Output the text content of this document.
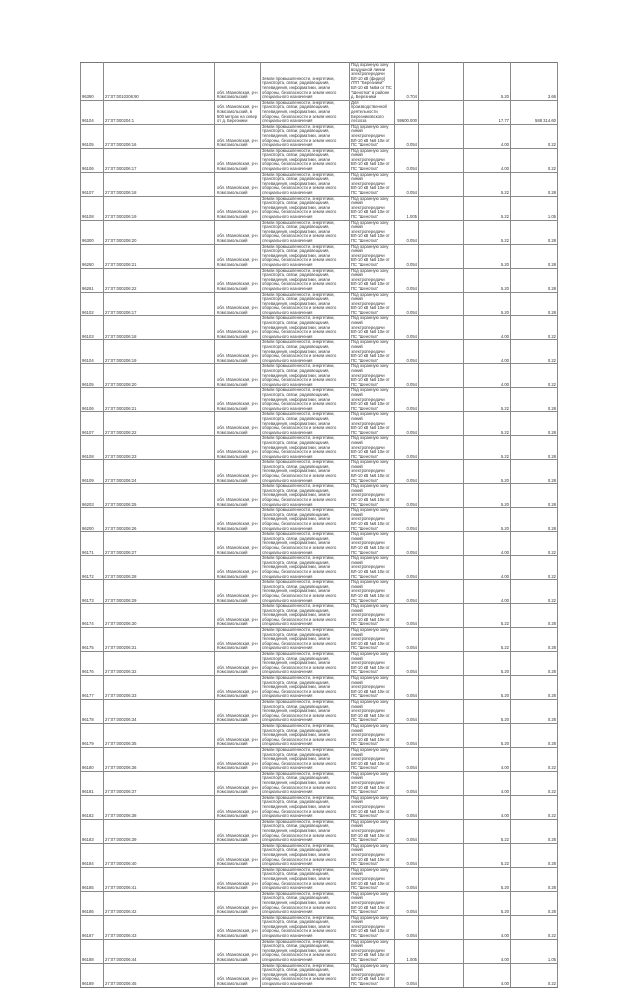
96390	27:07:0010206:90	обл. Ивановская, р-н Комсомольский	Земли промышленности, энергетики, транспорта, связи, радиовещания, телевидения, информатики, земли обороны, безопасности и земли иного специального назначения	Под охранную зону воздушной линии электропередачи ВЛ-10 кВ (фидер) ЛТП "Березники" ВЛ-10 кВ №6м от ПС "Шенотка" в районе д. Березники	0.704		5.20	3.66
96104	27:07:000204:1	обл. Ивановская, р-н Комсомольский, в 500 метрах на север от д. Березники	Земли промышленности, энергетики, транспорта, связи, радиовещания, телевидения, информатики, земли обороны, безопасности и земли иного специального назначения	Для производственной деятельности Березниковского лесхоза	59600.000		17.77	588 314.60
96105	27:07:000206:16	обл. Ивановская, р-н Комсомольский	Земли промышленности, энергетики, транспорта, связи, радиовещания, телевидения, информатики, земли обороны, безопасности и земли иного специального назначения	Под охранную зону линий электропередачи ВЛ-10 кВ №6 10и от ПС "Шенотка"	0.054		4.00	0.22
96106	27:07:000206:17	обл. Ивановская, р-н Комсомольский	Земли промышленности, энергетики, транспорта, связи, радиовещания, телевидения, информатики, земли обороны, безопасности и земли иного специального назначения	Под охранную зону линий электропередачи ВЛ-10 кВ №6 10и от ПС "Шенотка"	0.054		4.00	0.22
96107	27:07:000206:18	обл. Ивановская, р-н Комсомольский	Земли промышленности, энергетики, транспорта, связи, радиовещания, телевидения, информатики, земли обороны, безопасности и земли иного специального назначения	Под охранную зону линий электропередачи ВЛ-10 кВ №6 10и от ПС "Шенотка"	0.054		5.22	0.28
96108	27:07:000206:19	обл. Ивановская, р-н Комсомольский	Земли промышленности, энергетики, транспорта, связи, радиовещания, телевидения, информатики, земли обороны, безопасности и земли иного специального назначения	Под охранную зону линий электропередачи ВЛ-10 кВ №6 10и от ПС "Шенотка"	1.005		5.22	1.05
96300	27:07:000206:20	обл. Ивановская, р-н Комсомольский	Земли промышленности, энергетики, транспорта, связи, радиовещания, телевидения, информатики, земли обороны, безопасности и земли иного специального назначения	Под охранную зону линий электропередачи ВЛ-10 кВ №6 10и от ПС "Шенотка"	0.054		5.22	0.28
96260	27:07:000206:21	обл. Ивановская, р-н Комсомольский	Земли промышленности, энергетики, транспорта, связи, радиовещания, телевидения, информатики, земли обороны, безопасности и земли иного специального назначения	Под охранную зону линий электропередачи ВЛ-10 кВ №6 10и от ПС "Шенотка"	0.054		5.20	0.28
96261	27:07:000206:22	обл. Ивановская, р-н Комсомольский	Земли промышленности, энергетики, транспорта, связи, радиовещания, телевидения, информатики, земли обороны, безопасности и земли иного специального назначения	Под охранную зону линий электропередачи ВЛ-10 кВ №6 10и от ПС "Шенотка"	0.054		5.20	0.28
96102	27:07:000206:17	обл. Ивановская, р-н Комсомольский	Земли промышленности, энергетики, транспорта, связи, радиовещания, телевидения, информатики, земли обороны, безопасности и земли иного специального назначения	Под охранную зону линий электропередачи ВЛ-10 кВ №6 10и от ПС "Шенотка"	0.054		5.20	0.28
96103	27:07:000206:18	обл. Ивановская, р-н Комсомольский	Земли промышленности, энергетики, транспорта, связи, радиовещания, телевидения, информатики, земли обороны, безопасности и земли иного специального назначения	Под охранную зону линий электропередачи ВЛ-10 кВ №6 10и от ПС "Шенотка"	0.054		4.00	0.22
96104	27:07:000206:19	обл. Ивановская, р-н Комсомольский	Земли промышленности, энергетики, транспорта, связи, радиовещания, телевидения, информатики, земли обороны, безопасности и земли иного специального назначения	Под охранную зону линий электропередачи ВЛ-10 кВ №6 10и от ПС "Шенотка"	0.054		4.00	0.22
96105	27:07:000206:20	обл. Ивановская, р-н Комсомольский	Земли промышленности, энергетики, транспорта, связи, радиовещания, телевидения, информатики, земли обороны, безопасности и земли иного специального назначения	Под охранную зону линий электропередачи ВЛ-10 кВ №6 10и от ПС "Шенотка"	0.054		4.00	0.22
96106	27:07:000206:21	обл. Ивановская, р-н Комсомольский	Земли промышленности, энергетики, транспорта, связи, радиовещания, телевидения, информатики, земли обороны, безопасности и земли иного специального назначения	Под охранную зону линий электропередачи ВЛ-10 кВ №6 10и от ПС "Шенотка"	0.054		5.22	0.28
96107	27:07:000206:22	обл. Ивановская, р-н Комсомольский	Земли промышленности, энергетики, транспорта, связи, радиовещания, телевидения, информатики, земли обороны, безопасности и земли иного специального назначения	Под охранную зону линий электропередачи ВЛ-10 кВ №6 10и от ПС "Шенотка"	0.054		5.22	0.28
96108	27:07:000206:23	обл. Ивановская, р-н Комсомольский	Земли промышленности, энергетики, транспорта, связи, радиовещания, телевидения, информатики, земли обороны, безопасности и земли иного специального назначения	Под охранную зону линий электропередачи ВЛ-10 кВ №6 10и от ПС "Шенотка"	0.054		5.22	0.28
96109	27:07:000206:24	обл. Ивановская, р-н Комсомольский	Земли промышленности, энергетики, транспорта, связи, радиовещания, телевидения, информатики, земли обороны, безопасности и земли иного специального назначения	Под охранную зону линий электропередачи ВЛ-10 кВ №6 10и от ПС "Шенотка"	0.054		5.20	0.28
96203	27:07:000206:25	обл. Ивановская, р-н Комсомольский	Земли промышленности, энергетики, транспорта, связи, радиовещания, телевидения, информатики, земли обороны, безопасности и земли иного специального назначения	Под охранную зону линий электропередачи ВЛ-10 кВ №6 10и от ПС "Шенотка"	0.054		5.20	0.28
96200	27:07:000206:26	обл. Ивановская, р-н Комсомольский	Земли промышленности, энергетики, транспорта, связи, радиовещания, телевидения, информатики, земли обороны, безопасности и земли иного специального назначения	Под охранную зону линий электропередачи ВЛ-10 кВ №6 10и от ПС "Шенотка"	0.054		5.20	0.28
96171	27:07:000206:27	обл. Ивановская, р-н Комсомольский	Земли промышленности, энергетики, транспорта, связи, радиовещания, телевидения, информатики, земли обороны, безопасности и земли иного специального назначения	Под охранную зону линий электропередачи ВЛ-10 кВ №6 10и от ПС "Шенотка"	0.054		4.00	0.22
96172	27:07:000206:28	обл. Ивановская, р-н Комсомольский	Земли промышленности, энергетики, транспорта, связи, радиовещания, телевидения, информатики, земли обороны, безопасности и земли иного специального назначения	Под охранную зону линий электропередачи ВЛ-10 кВ №6 10и от ПС "Шенотка"	0.054		4.00	0.22
96173	27:07:000206:29	обл. Ивановская, р-н Комсомольский	Земли промышленности, энергетики, транспорта, связи, радиовещания, телевидения, информатики, земли обороны, безопасности и земли иного специального назначения	Под охранную зону линий электропередачи ВЛ-10 кВ №6 10и от ПС "Шенотка"	0.054		4.00	0.22
96174	27:07:000206:30	обл. Ивановская, р-н Комсомольский	Земли промышленности, энергетики, транспорта, связи, радиовещания, телевидения, информатики, земли обороны, безопасности и земли иного специального назначения	Под охранную зону линий электропередачи ВЛ-10 кВ №6 10и от ПС "Шенотка"	0.054		5.22	0.28
96175	27:07:000206:31	обл. Ивановская, р-н Комсомольский	Земли промышленности, энергетики, транспорта, связи, радиовещания, телевидения, информатики, земли обороны, безопасности и земли иного специального назначения	Под охранную зону линий электропередачи ВЛ-10 кВ №6 10и от ПС "Шенотка"	0.054		5.22	0.28
96176	27:07:000206:32	обл. Ивановская, р-н Комсомольский	Земли промышленности, энергетики, транспорта, связи, радиовещания, телевидения, информатики, земли обороны, безопасности и земли иного специального назначения	Под охранную зону линий электропередачи ВЛ-10 кВ №6 10и от ПС "Шенотка"	0.054		5.20	0.28
96177	27:07:000206:33	обл. Ивановская, р-н Комсомольский	Земли промышленности, энергетики, транспорта, связи, радиовещания, телевидения, информатики, земли обороны, безопасности и земли иного специального назначения	Под охранную зону линий электропередачи ВЛ-10 кВ №6 10и от ПС "Шенотка"	0.054		5.20	0.28
96178	27:07:000206:34	обл. Ивановская, р-н Комсомольский	Земли промышленности, энергетики, транспорта, связи, радиовещания, телевидения, информатики, земли обороны, безопасности и земли иного специального назначения	Под охранную зону линий электропередачи ВЛ-10 кВ №6 10и от ПС "Шенотка"	0.054		5.20	0.28
96179	27:07:000206:35	обл. Ивановская, р-н Комсомольский	Земли промышленности, энергетики, транспорта, связи, радиовещания, телевидения, информатики, земли обороны, безопасности и земли иного специального назначения	Под охранную зону линий электропередачи ВЛ-10 кВ №6 10и от ПС "Шенотка"	0.054		5.20	0.28
96180	27:07:000206:36	обл. Ивановская, р-н Комсомольский	Земли промышленности, энергетики, транспорта, связи, радиовещания, телевидения, информатики, земли обороны, безопасности и земли иного специального назначения	Под охранную зону линий электропередачи ВЛ-10 кВ №6 10и от ПС "Шенотка"	0.054		4.00	0.22
96181	27:07:000206:37	обл. Ивановская, р-н Комсомольский	Земли промышленности, энергетики, транспорта, связи, радиовещания, телевидения, информатики, земли обороны, безопасности и земли иного специального назначения	Под охранную зону линий электропередачи ВЛ-10 кВ №6 10и от ПС "Шенотка"	0.054		4.00	0.22
96182	27:07:000206:38	обл. Ивановская, р-н Комсомольский	Земли промышленности, энергетики, транспорта, связи, радиовещания, телевидения, информатики, земли обороны, безопасности и земли иного специального назначения	Под охранную зону линий электропередачи ВЛ-10 кВ №6 10и от ПС "Шенотка"	0.054		4.00	0.22
96183	27:07:000206:39	обл. Ивановская, р-н Комсомольский	Земли промышленности, энергетики, транспорта, связи, радиовещания, телевидения, информатики, земли обороны, безопасности и земли иного специального назначения	Под охранную зону линий электропередачи ВЛ-10 кВ №6 10и от ПС "Шенотка"	0.054		5.22	0.28
96184	27:07:000206:40	обл. Ивановская, р-н Комсомольский	Земли промышленности, энергетики, транспорта, связи, радиовещания, телевидения, информатики, земли обороны, безопасности и земли иного специального назначения	Под охранную зону линий электропередачи ВЛ-10 кВ №6 10и от ПС "Шенотка"	0.054		5.22	0.28
96185	27:07:000206:41	обл. Ивановская, р-н Комсомольский	Земли промышленности, энергетики, транспорта, связи, радиовещания, телевидения, информатики, земли обороны, безопасности и земли иного специального назначения	Под охранную зону линий электропередачи ВЛ-10 кВ №6 10и от ПС "Шенотка"	0.054		5.20	0.28
96186	27:07:000206:42	обл. Ивановская, р-н Комсомольский	Земли промышленности, энергетики, транспорта, связи, радиовещания, телевидения, информатики, земли обороны, безопасности и земли иного специального назначения	Под охранную зону линий электропередачи ВЛ-10 кВ №6 10и от ПС "Шенотка"	0.054		5.20	0.28
96187	27:07:000206:43	обл. Ивановская, р-н Комсомольский	Земли промышленности, энергетики, транспорта, связи, радиовещания, телевидения, информатики, земли обороны, безопасности и земли иного специального назначения	Под охранную зону линий электропередачи ВЛ-10 кВ №6 10и от ПС "Шенотка"	0.054		4.00	0.22
96188	27:07:000206:44	обл. Ивановская, р-н Комсомольский	Земли промышленности, энергетики, транспорта, связи, радиовещания, телевидения, информатики, земли обороны, безопасности и земли иного специального назначения	Под охранную зону линий электропередачи ВЛ-10 кВ №6 10и от ПС "Шенотка"	1.005		4.00	1.05
96189	27:07:000206:45	обл. Ивановская, р-н Комсомольский	Земли промышленности, энергетики, транспорта, связи, радиовещания, телевидения, информатики, земли обороны, безопасности и земли иного специального назначения	Под охранную зону линий электропередачи ВЛ-10 кВ №6 10и от ПС "Шенотка"	0.054		4.00	0.22
